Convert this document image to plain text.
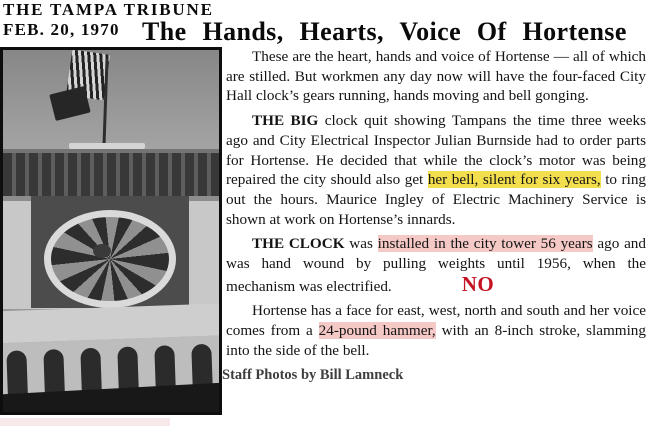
THE TAMPA TRIBUNE
FEB. 20, 1970 The Hands, Hearts, Voice Of Hortense

These are the heart, hands and voice of Hortense — all of which are stilled. But workmen any day now will have the four-faced City Hall clock’s gears running, hands moving and bell gonging.

THE BIG clock quit showing Tampans the time three weeks ago and City Electrical Inspector Julian Burnside had to order parts for Hortense. He decided that while the clock’s motor was being repaired the city should also get her bell, silent for six years, to ring out the hours. Maurice Ingley of Electric Machinery Service is shown at work on Hortense’s innards.

THE CLOCK was installed in the city tower 56 years ago and was hand wound by pulling weights until 1956, when the mechanism was electrified.	NO

Hortense has a face for east, west, north and south and her voice comes from a 24-pound hammer, with an 8-inch stroke, slamming into the side of the bell.

Staff Photos by Bill Lamneck
